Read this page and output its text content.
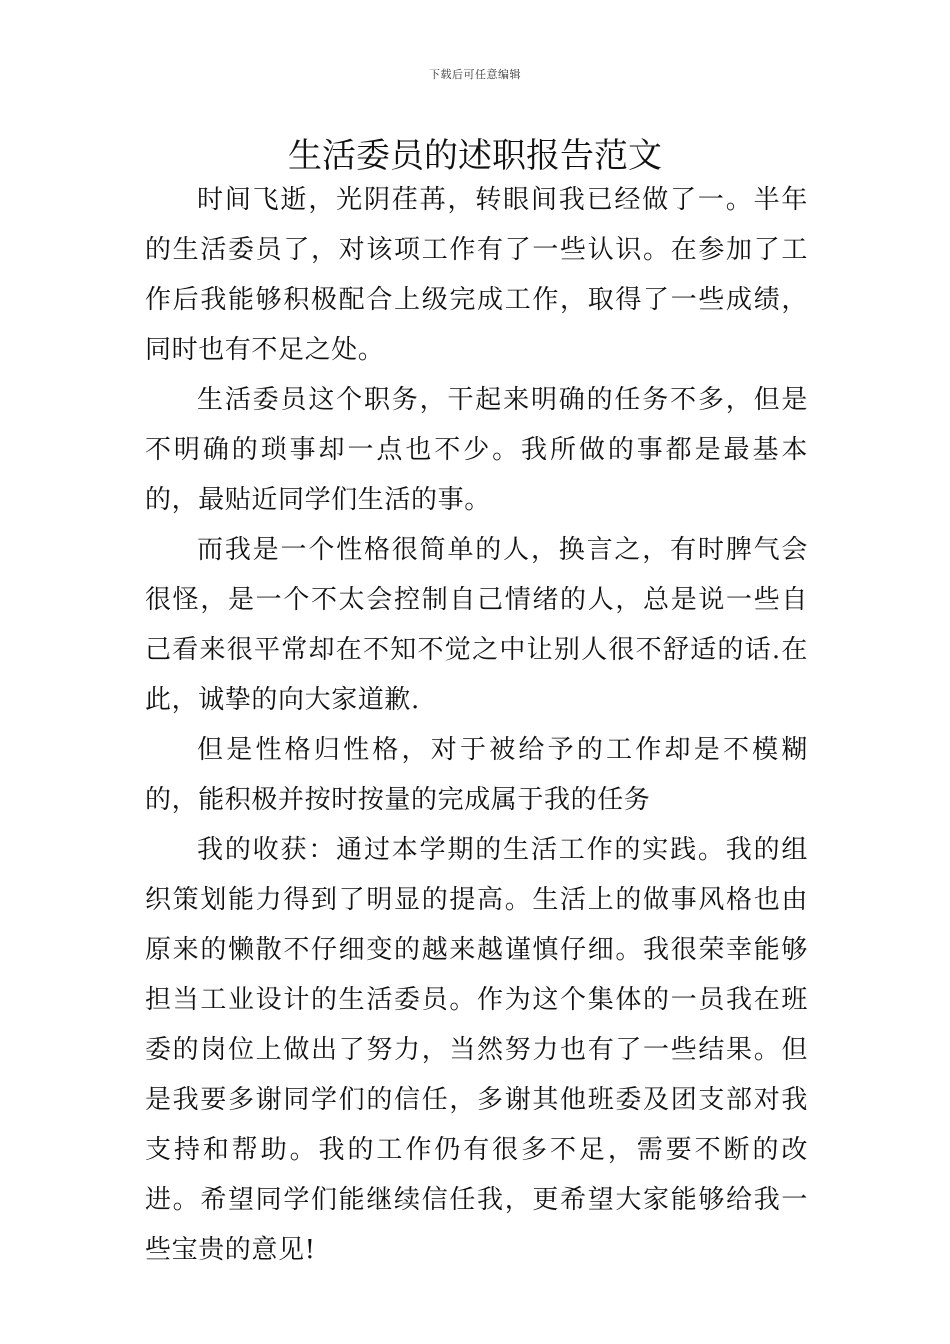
下载后可任意编辑
生活委员的述职报告范文

时间飞逝，光阴荏苒，转眼间我已经做了一。半年的生活委员了，对该项工作有了一些认识。在参加了工作后我能够积极配合上级完成工作，取得了一些成绩，同时也有不足之处。

生活委员这个职务，干起来明确的任务不多，但是不明确的琐事却一点也不少。我所做的事都是最基本的，最贴近同学们生活的事。

而我是一个性格很简单的人，换言之，有时脾气会很怪，是一个不太会控制自己情绪的人，总是说一些自己看来很平常却在不知不觉之中让别人很不舒适的话.在此，诚挚的向大家道歉.

但是性格归性格，对于被给予的工作却是不模糊的，能积极并按时按量的完成属于我的任务

我的收获：通过本学期的生活工作的实践。我的组织策划能力得到了明显的提高。生活上的做事风格也由原来的懒散不仔细变的越来越谨慎仔细。我很荣幸能够担当工业设计的生活委员。作为这个集体的一员我在班委的岗位上做出了努力，当然努力也有了一些结果。但是我要多谢同学们的信任，多谢其他班委及团支部对我支持和帮助。我的工作仍有很多不足，需要不断的改进。希望同学们能继续信任我，更希望大家能够给我一些宝贵的意见!
